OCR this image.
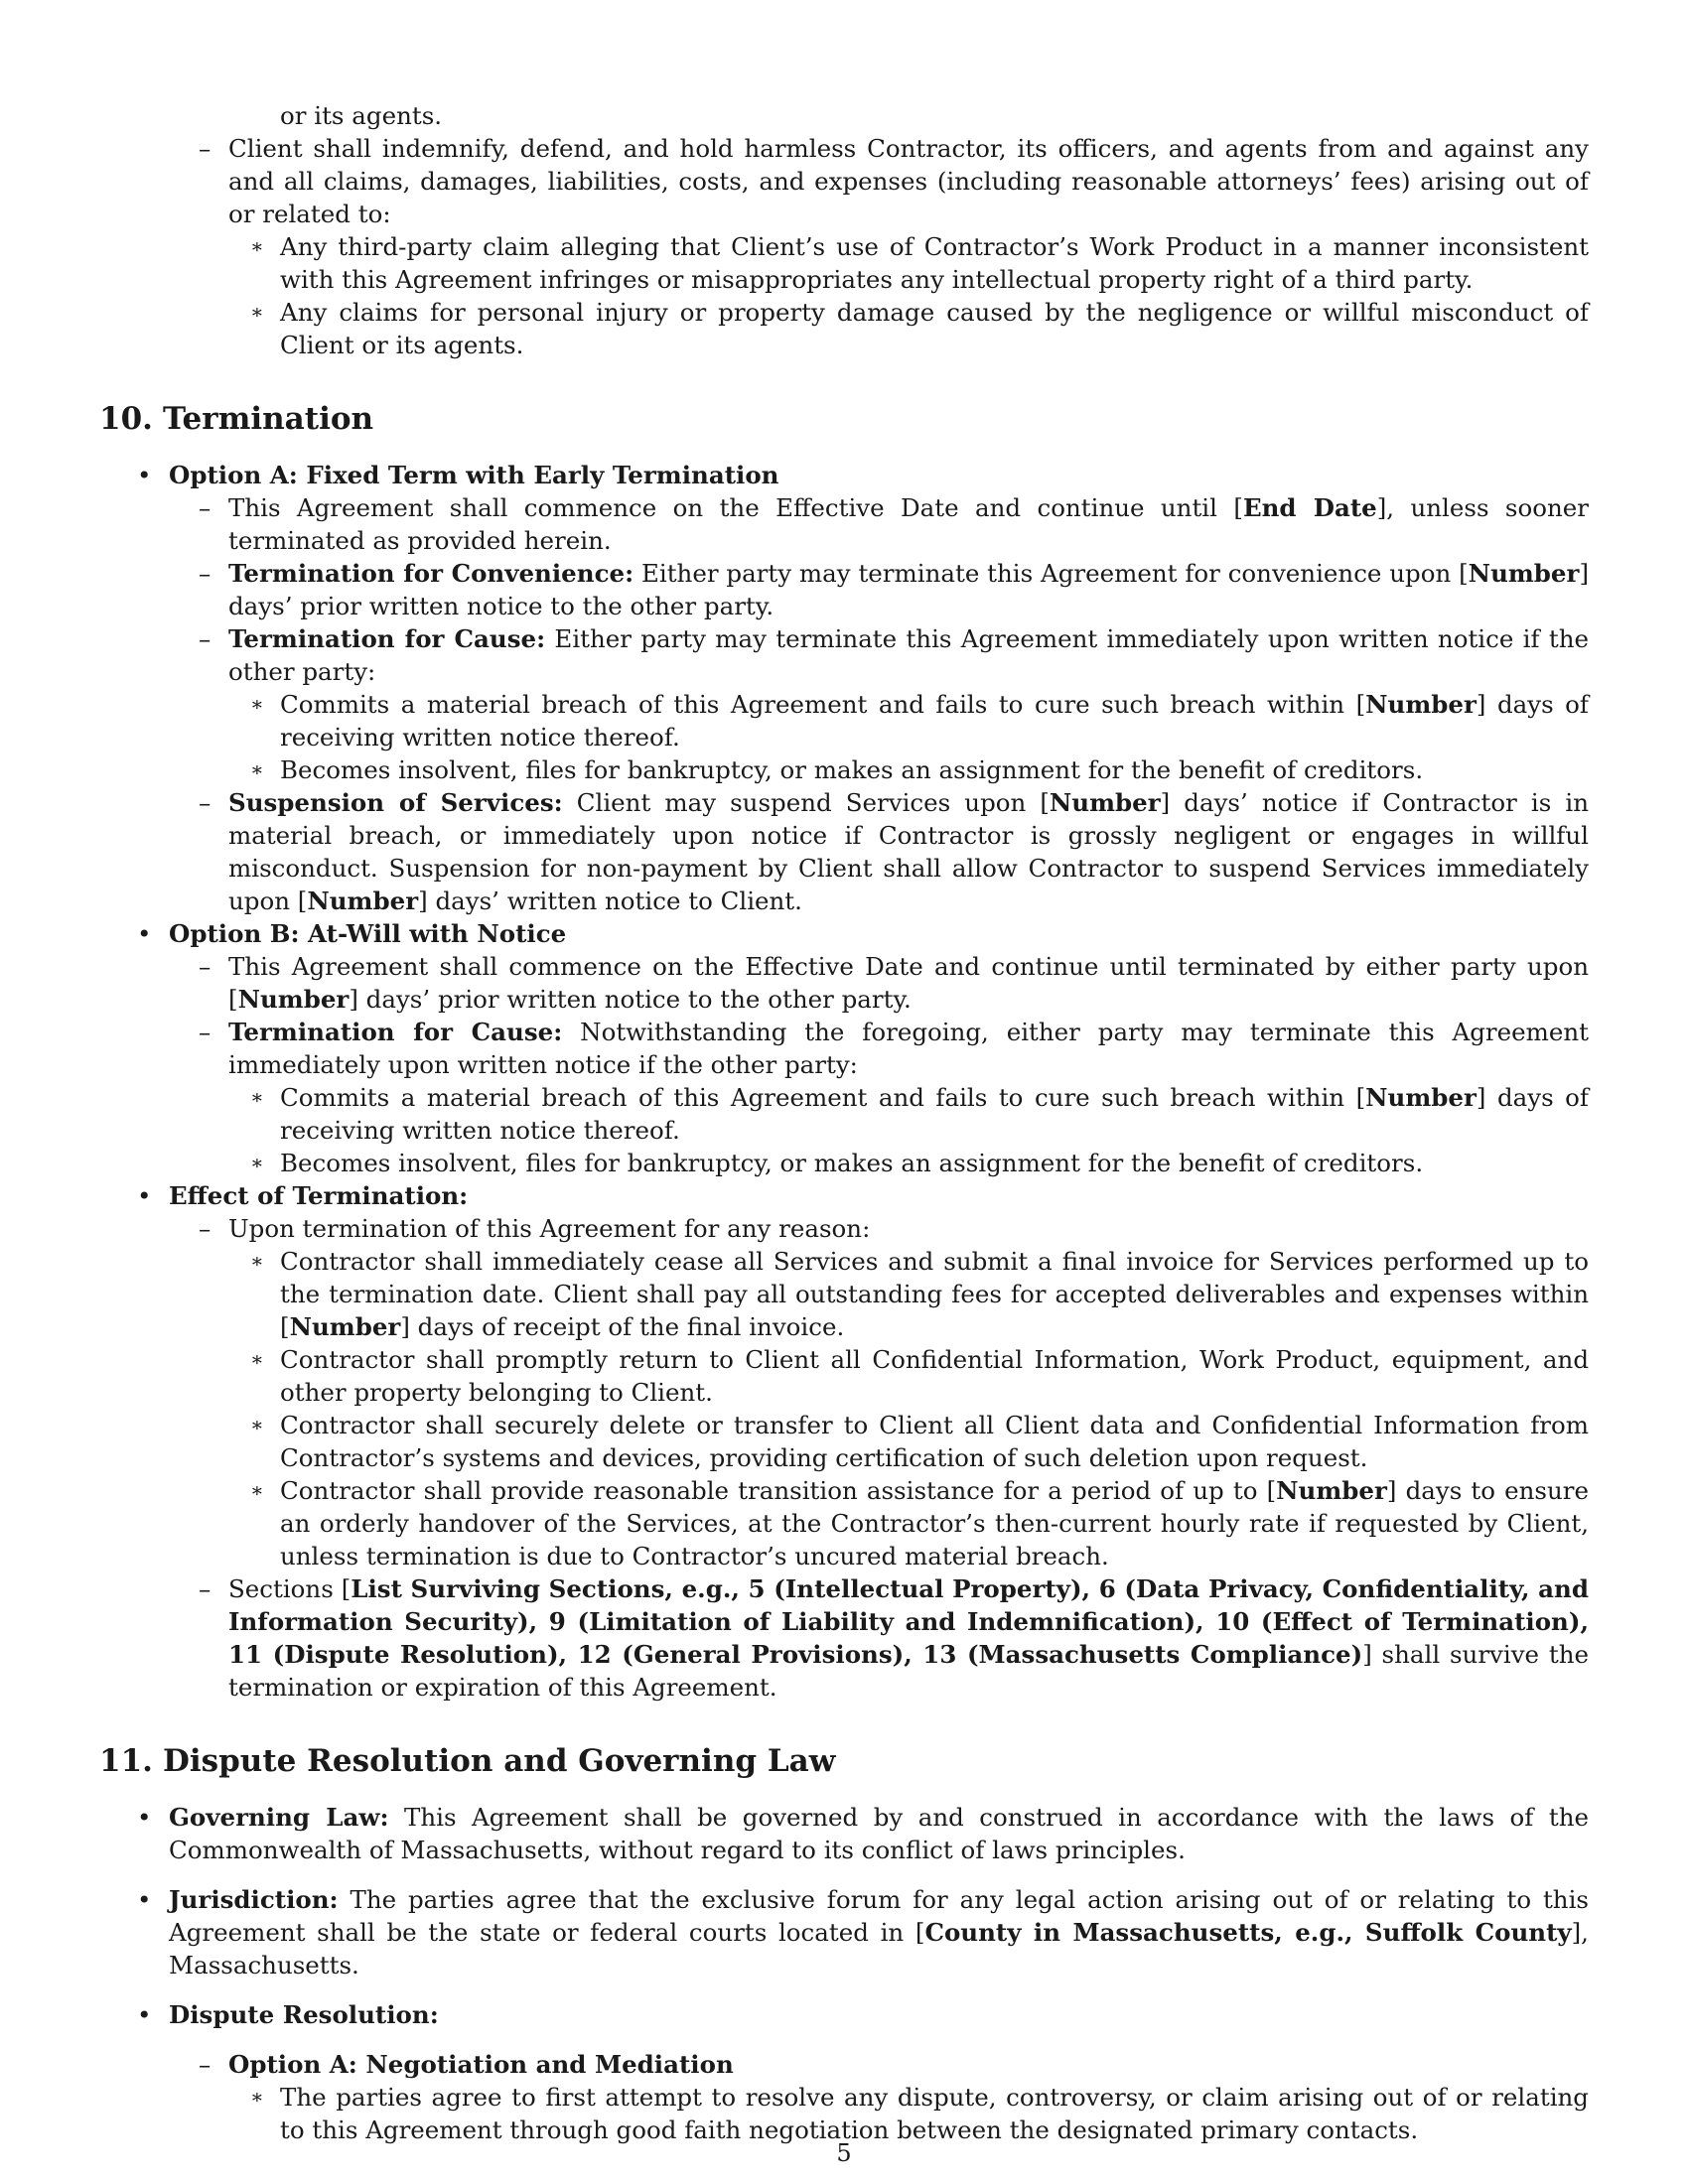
or its agents.
– Client shall indemnify, defend, and hold harmless Contractor, its officers, and agents from and against any and all claims, damages, liabilities, costs, and expenses (including reasonable attorneys’ fees) arising out of or related to:
∗ Any third-party claim alleging that Client’s use of Contractor’s Work Product in a manner inconsistent with this Agreement infringes or misappropriates any intellectual property right of a third party.
∗ Any claims for personal injury or property damage caused by the negligence or willful misconduct of Client or its agents.
10. Termination
• Option A: Fixed Term with Early Termination
– This Agreement shall commence on the Effective Date and continue until [End Date], unless sooner terminated as provided herein.
– Termination for Convenience: Either party may terminate this Agreement for convenience upon [Number] days’ prior written notice to the other party.
– Termination for Cause: Either party may terminate this Agreement immediately upon written notice if the other party:
∗ Commits a material breach of this Agreement and fails to cure such breach within [Number] days of receiving written notice thereof.
∗ Becomes insolvent, files for bankruptcy, or makes an assignment for the benefit of creditors.
– Suspension of Services: Client may suspend Services upon [Number] days’ notice if Contractor is in material breach, or immediately upon notice if Contractor is grossly negligent or engages in willful misconduct. Suspension for non-payment by Client shall allow Contractor to suspend Services immediately upon [Number] days’ written notice to Client.
• Option B: At-Will with Notice
– This Agreement shall commence on the Effective Date and continue until terminated by either party upon [Number] days’ prior written notice to the other party.
– Termination for Cause: Notwithstanding the foregoing, either party may terminate this Agreement immediately upon written notice if the other party:
∗ Commits a material breach of this Agreement and fails to cure such breach within [Number] days of receiving written notice thereof.
∗ Becomes insolvent, files for bankruptcy, or makes an assignment for the benefit of creditors.
• Effect of Termination:
– Upon termination of this Agreement for any reason:
∗ Contractor shall immediately cease all Services and submit a final invoice for Services performed up to the termination date. Client shall pay all outstanding fees for accepted deliverables and expenses within [Number] days of receipt of the final invoice.
∗ Contractor shall promptly return to Client all Confidential Information, Work Product, equipment, and other property belonging to Client.
∗ Contractor shall securely delete or transfer to Client all Client data and Confidential Information from Contractor’s systems and devices, providing certification of such deletion upon request.
∗ Contractor shall provide reasonable transition assistance for a period of up to [Number] days to ensure an orderly handover of the Services, at the Contractor’s then-current hourly rate if requested by Client, unless termination is due to Contractor’s uncured material breach.
– Sections [List Surviving Sections, e.g., 5 (Intellectual Property), 6 (Data Privacy, Confidentiality, and Information Security), 9 (Limitation of Liability and Indemnification), 10 (Effect of Termination), 11 (Dispute Resolution), 12 (General Provisions), 13 (Massachusetts Compliance)] shall survive the termination or expiration of this Agreement.
11. Dispute Resolution and Governing Law
• Governing Law: This Agreement shall be governed by and construed in accordance with the laws of the Commonwealth of Massachusetts, without regard to its conflict of laws principles.
• Jurisdiction: The parties agree that the exclusive forum for any legal action arising out of or relating to this Agreement shall be the state or federal courts located in [County in Massachusetts, e.g., Suffolk County], Massachusetts.
• Dispute Resolution:
– Option A: Negotiation and Mediation
∗ The parties agree to first attempt to resolve any dispute, controversy, or claim arising out of or relating to this Agreement through good faith negotiation between the designated primary contacts.
5
